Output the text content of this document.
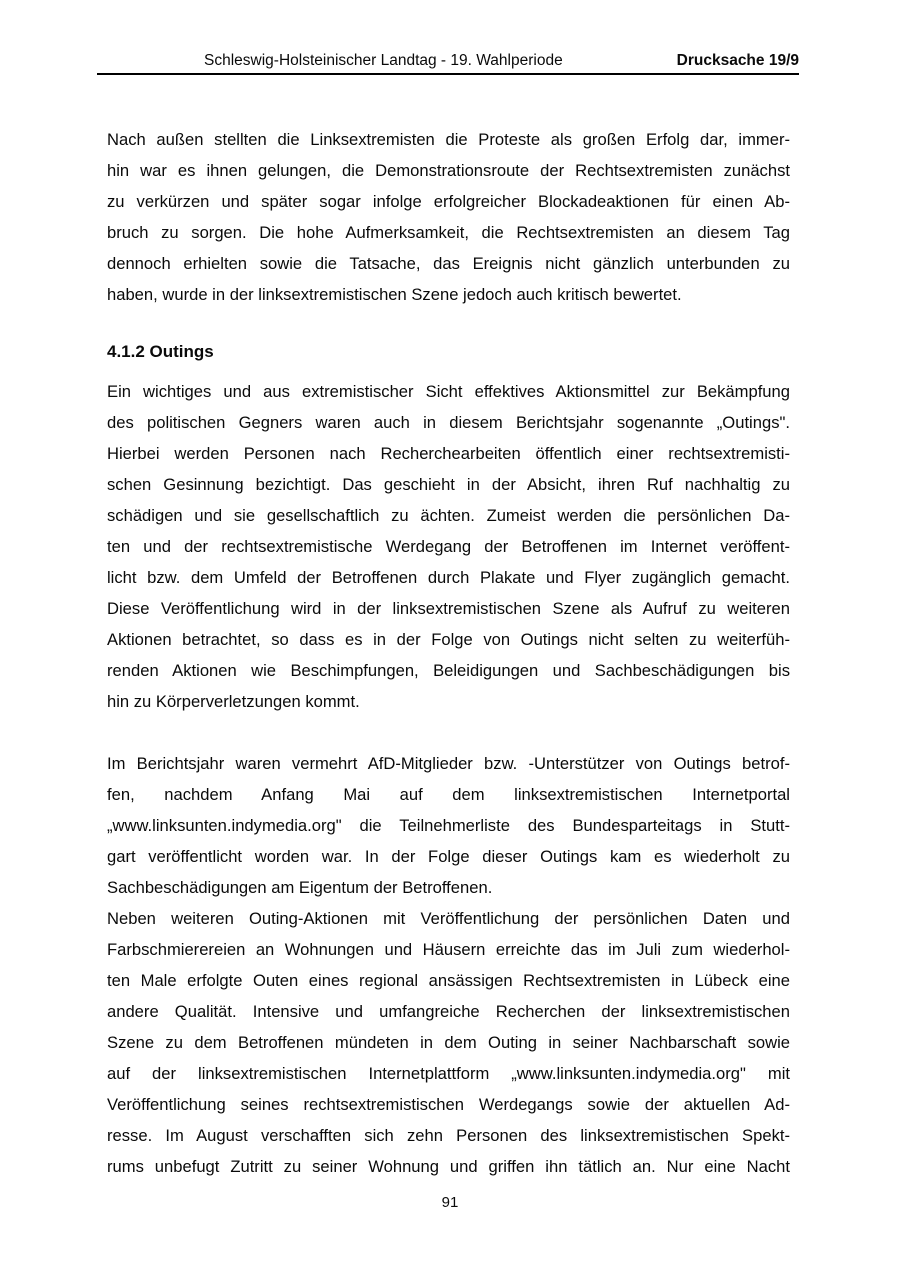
Schleswig-Holsteinischer Landtag - 19. Wahlperiode	Drucksache 19/9
Nach außen stellten die Linksextremisten die Proteste als großen Erfolg dar, immer-
hin war es ihnen gelungen, die Demonstrationsroute der Rechtsextremisten zunächst
zu verkürzen und später sogar infolge erfolgreicher Blockadeaktionen für einen Ab-
bruch zu sorgen. Die hohe Aufmerksamkeit, die Rechtsextremisten an diesem Tag
dennoch erhielten sowie die Tatsache, das Ereignis nicht gänzlich unterbunden zu
haben, wurde in der linksextremistischen Szene jedoch auch kritisch bewertet.
4.1.2 Outings
Ein wichtiges und aus extremistischer Sicht effektives Aktionsmittel zur Bekämpfung
des politischen Gegners waren auch in diesem Berichtsjahr sogenannte „Outings".
Hierbei werden Personen nach Recherchearbeiten öffentlich einer rechtsextremisti-
schen Gesinnung bezichtigt. Das geschieht in der Absicht, ihren Ruf nachhaltig zu
schädigen und sie gesellschaftlich zu ächten. Zumeist werden die persönlichen Da-
ten und der rechtsextremistische Werdegang der Betroffenen im Internet veröffent-
licht bzw. dem Umfeld der Betroffenen durch Plakate und Flyer zugänglich gemacht.
Diese Veröffentlichung wird in der linksextremistischen Szene als Aufruf zu weiteren
Aktionen betrachtet, so dass es in der Folge von Outings nicht selten zu weiterfüh-
renden Aktionen wie Beschimpfungen, Beleidigungen und Sachbeschädigungen bis
hin zu Körperverletzungen kommt.
Im Berichtsjahr waren vermehrt AfD-Mitglieder bzw. -Unterstützer von Outings betrof-
fen, nachdem Anfang Mai auf dem linksextremistischen Internetportal
„www.linksunten.indymedia.org" die Teilnehmerliste des Bundesparteitags in Stutt-
gart veröffentlicht worden war. In der Folge dieser Outings kam es wiederholt zu
Sachbeschädigungen am Eigentum der Betroffenen.
Neben weiteren Outing-Aktionen mit Veröffentlichung der persönlichen Daten und
Farbschmierereien an Wohnungen und Häusern erreichte das im Juli zum wiederhol-
ten Male erfolgte Outen eines regional ansässigen Rechtsextremisten in Lübeck eine
andere Qualität. Intensive und umfangreiche Recherchen der linksextremistischen
Szene zu dem Betroffenen mündeten in dem Outing in seiner Nachbarschaft sowie
auf der linksextremistischen Internetplattform „www.linksunten.indymedia.org" mit
Veröffentlichung seines rechtsextremistischen Werdegangs sowie der aktuellen Ad-
resse. Im August verschafften sich zehn Personen des linksextremistischen Spekt-
rums unbefugt Zutritt zu seiner Wohnung und griffen ihn tätlich an. Nur eine Nacht
91
